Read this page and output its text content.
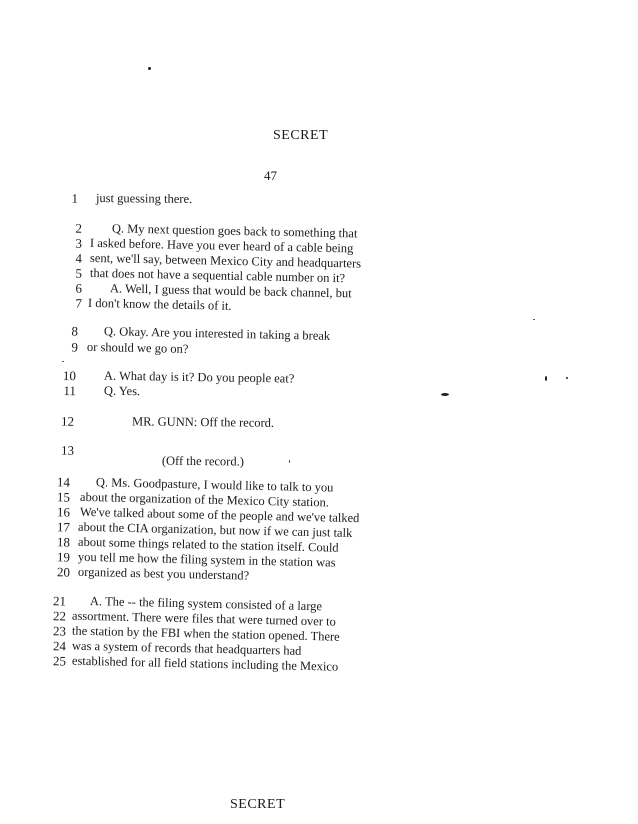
SECRET
47
1 just guessing there.
2 Q. My next question goes back to something that
3 I asked before. Have you ever heard of a cable being
4 sent, we'll say, between Mexico City and headquarters
5 that does not have a sequential cable number on it?
6 A. Well, I guess that would be back channel, but
7 I don't know the details of it.
8 Q. Okay. Are you interested in taking a break
9 or should we go on?
10 A. What day is it? Do you people eat?
11 Q. Yes.
12	MR. GUNN: Off the record.
13
(Off the record.)
14 Q. Ms. Goodpasture, I would like to talk to you
15 about the organization of the Mexico City station.
16 We've talked about some of the people and we've talked
17 about the CIA organization, but now if we can just talk
18 about some things related to the station itself. Could
19 you tell me how the filing system in the station was
20 organized as best you understand?
21 A. The -- the filing system consisted of a large
22 assortment. There were files that were turned over to
23 the station by the FBI when the station opened. There
24 was a system of records that headquarters had
25 established for all field stations including the Mexico
SECRET
